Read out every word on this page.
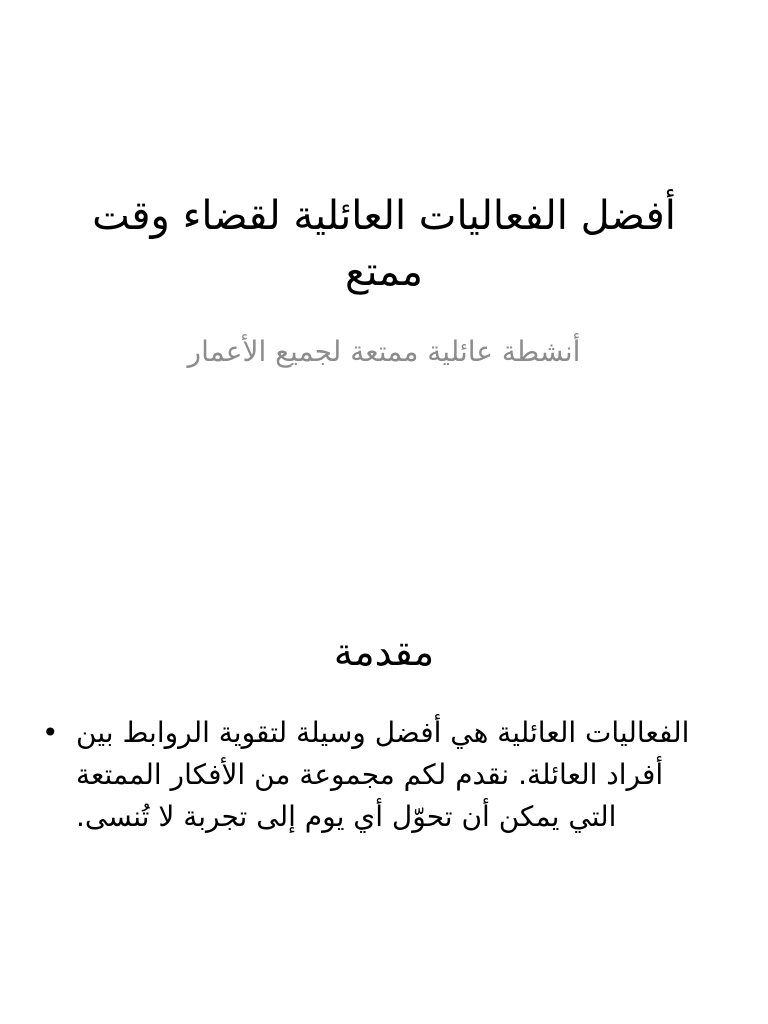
أفضل الفعاليات العائلية لقضاء وقت ممتع
أنشطة عائلية ممتعة لجميع الأعمار
مقدمة
• الفعاليات العائلية هي أفضل وسيلة لتقوية الروابط بين أفراد العائلة. نقدم لكم مجموعة من الأفكار الممتعة التي يمكن أن تحوّل أي يوم إلى تجربة لا تُنسى.
